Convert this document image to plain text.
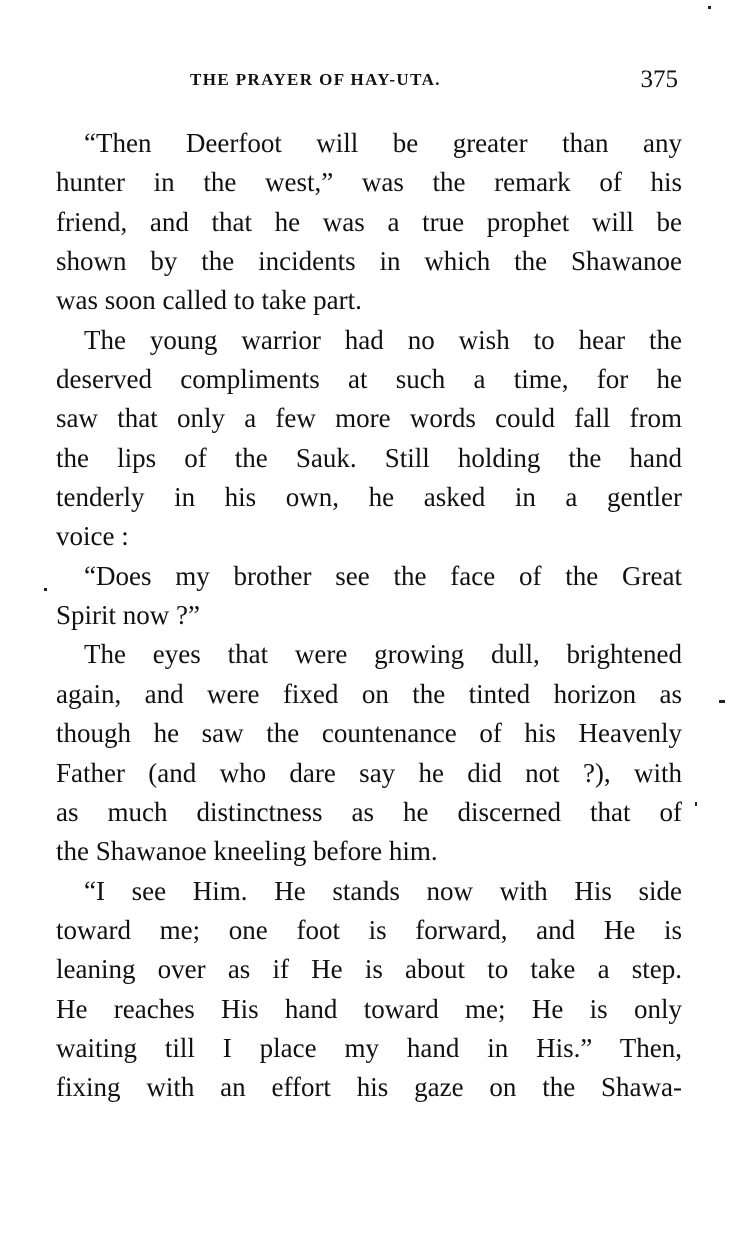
THE PRAYER OF HAY-UTA.	375
“Then Deerfoot will be greater than any
hunter in the west,” was the remark of his
friend, and that he was a true prophet will be
shown by the incidents in which the Shawanoe
was soon called to take part.
The young warrior had no wish to hear the
deserved compliments at such a time, for he
saw that only a few more words could fall from
the lips of the Sauk. Still holding the hand
tenderly in his own, he asked in a gentler
voice :
“Does my brother see the face of the Great
Spirit now ?”
The eyes that were growing dull, brightened
again, and were fixed on the tinted horizon as
though he saw the countenance of his Heavenly
Father (and who dare say he did not ?), with
as much distinctness as he discerned that of
the Shawanoe kneeling before him.
“I see Him. He stands now with His side
toward me; one foot is forward, and He is
leaning over as if He is about to take a step.
He reaches His hand toward me; He is only
waiting till I place my hand in His.” Then,
fixing with an effort his gaze on the Shawa-
